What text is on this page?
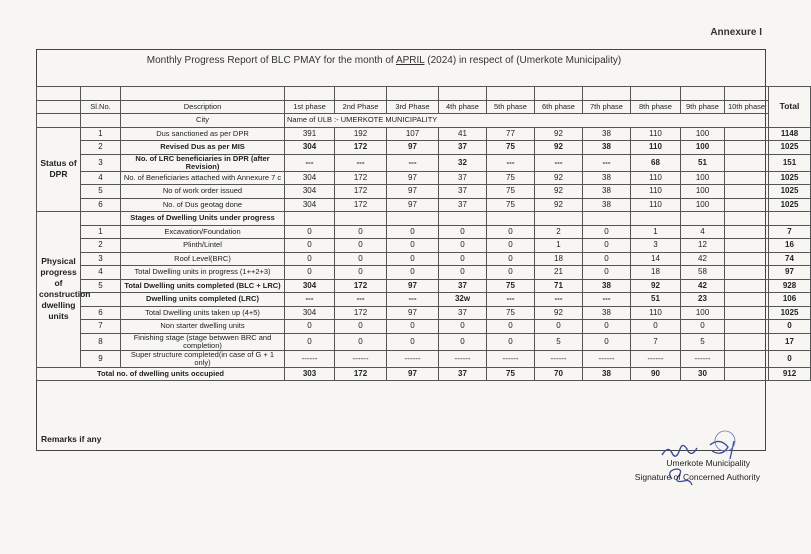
Annexure I
Monthly Progress Report of BLC PMAY for the month of APRIL (2024) in respect of (Umerkote Municipality)
													Total
	Sl.No.	Description	1st phase	2nd Phase	3rd Phase	4th phase	5th phase	6th phase	7th phase	8th phase	9th phase	10th phase	
		City	Name of ULB :- UMERKOTE MUNICIPALITY										
Status of DPR	1	Dus sanctioned as per DPR	391	192	107	41	77	92	38	110	100		1148
	2	Revised Dus as per MIS	304	172	97	37	75	92	38	110	100		1025
	3	No. of LRC beneficiaries in DPR (after Revision)	---	---	---	32	---	---	---	68	51		151
	4	No. of Beneficiaries attached with Annexure 7 c	304	172	97	37	75	92	38	110	100		1025
	5	No of work order issued	304	172	97	37	75	92	38	110	100		1025
	6	No. of Dus geotag done	304	172	97	37	75	92	38	110	100		1025
Physical progress of construction dwelling units		Stages of Dwelling Units under progress											
	1	Excavation/Foundation	0	0	0	0	0	2	0	1	4		7
	2	Plinth/Lintel	0	0	0	0	0	1	0	3	12		16
	3	Roof Level(BRC)	0	0	0	0	0	18	0	14	42		74
	4	Total Dwelling units in progress (1++2+3)	0	0	0	0	0	21	0	18	58		97
	5	Total Dwelling units completed (BLC + LRC)	304	172	97	37	75	71	38	92	42		928
		Dwelling units completed (LRC)	---	---	---	32w	---	---	---	51	23		106
	6	Total Dwelling units taken up (4+5)	304	172	97	37	75	92	38	110	100		1025
	7	Non starter dwelling units	0	0	0	0	0	0	0	0	0		0
	8	Finishing stage (stage betwwen BRC and completion)	0	0	0	0	0	5	0	7	5		17
	9	Super structure completed(in case of G + 1 only)	------	------	------	------	------	------	------	------	------		0
Total no. of dwelling units occupied			303	172	97	37	75	70	38	90	30		912
Remarks if any
Umerkote Municipality
Signature of Concerned Authority
